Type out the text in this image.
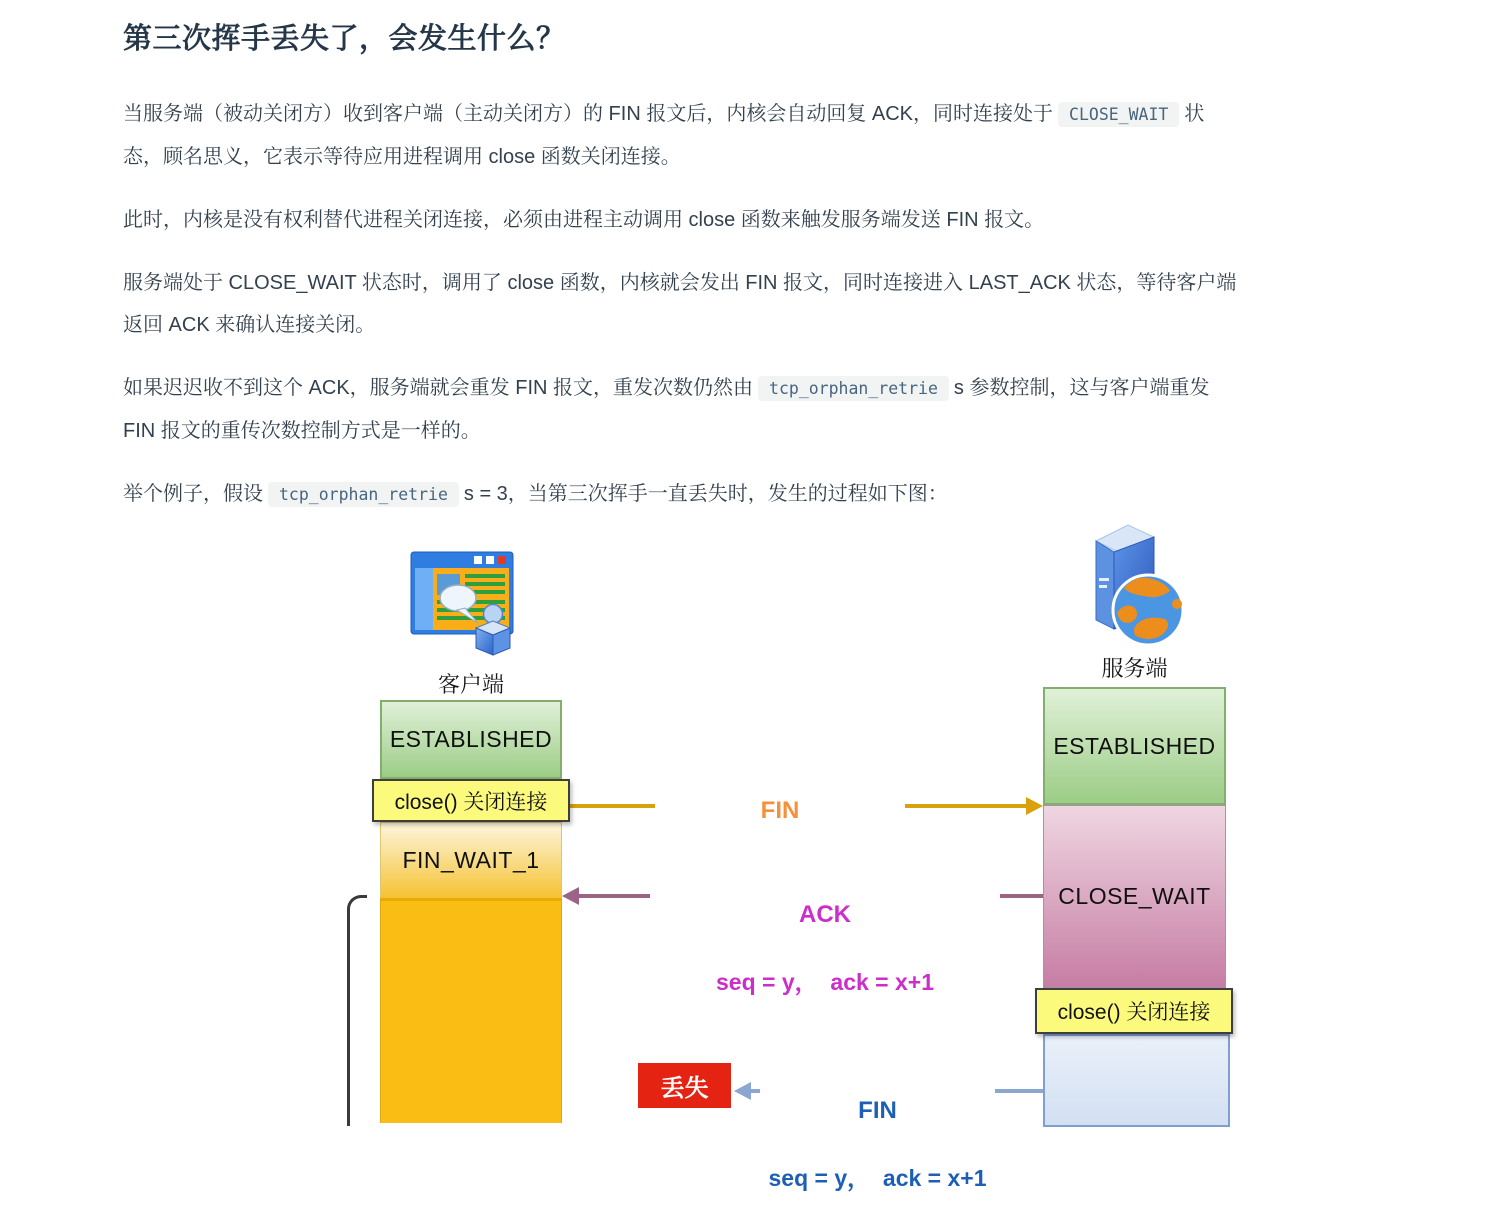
第三次挥手丢失了，会发生什么？

当服务端（被动关闭方）收到客户端（主动关闭方）的 FIN 报文后，内核会自动回复 ACK，同时连接处于 CLOSE_WAIT 状态，顾名思义，它表示等待应用进程调用 close 函数关闭连接。

此时，内核是没有权利替代进程关闭连接，必须由进程主动调用 close 函数来触发服务端发送 FIN 报文。

服务端处于 CLOSE_WAIT 状态时，调用了 close 函数，内核就会发出 FIN 报文，同时连接进入 LAST_ACK 状态，等待客户端返回 ACK 来确认连接关闭。

如果迟迟收不到这个 ACK，服务端就会重发 FIN 报文，重发次数仍然由 tcp_orphan_retrie s 参数控制，这与客户端重发 FIN 报文的重传次数控制方式是一样的。

举个例子，假设 tcp_orphan_retrie s = 3，当第三次挥手一直丢失时，发生的过程如下图：

客户端
服务端
ESTABLISHED
FIN_WAIT_1
ESTABLISHED
CLOSE_WAIT

FIN

ACK

seq = y，  ack = x+1

FIN

seq = y，  ack = x+1

丢失
close() 关闭连接
close() 关闭连接
